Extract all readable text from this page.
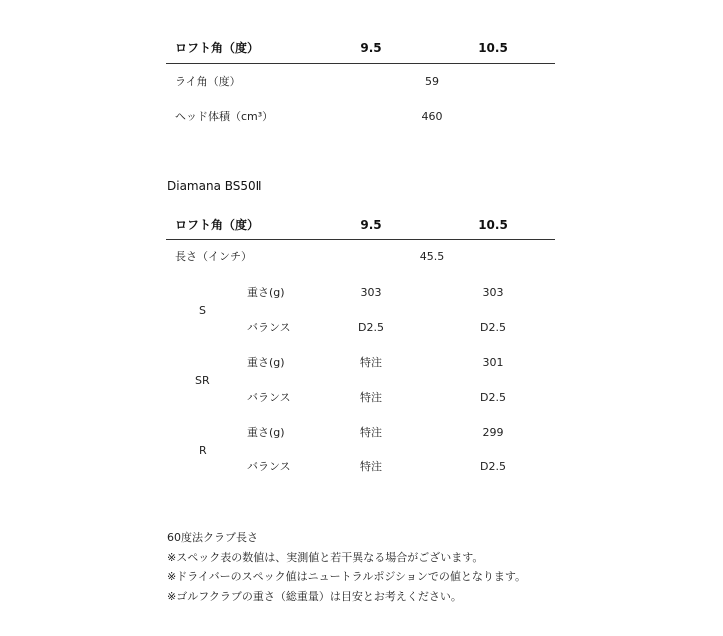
ロフト角（度）	9.5	10.5
ライ角（度）	59
ヘッド体積（cm³）	460
Diamana BS50Ⅱ
ロフト角（度）	9.5	10.5
長さ（インチ）	45.5
S
重さ(g)	303	303
バランス	D2.5	D2.5
SR
重さ(g)	特注	301
バランス	特注	D2.5
R
重さ(g)	特注	299
バランス	特注	D2.5
60度法クラブ長さ
※スペック表の数値は、実測値と若干異なる場合がございます。
※ドライバーのスペック値はニュートラルポジションでの値となります。
※ゴルフクラブの重さ（総重量）は目安とお考えください。
